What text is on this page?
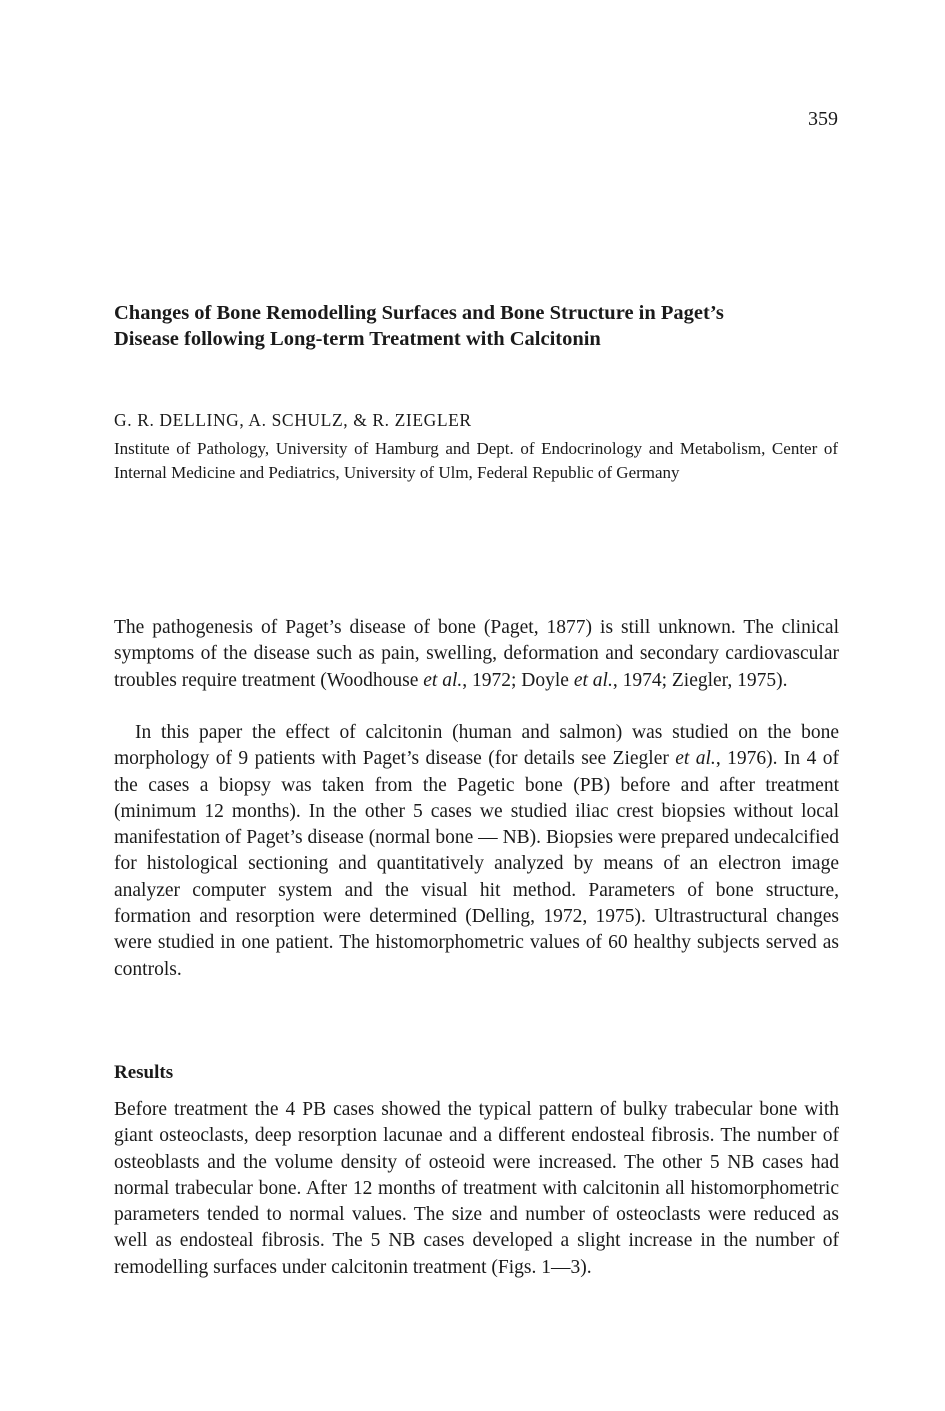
359
Changes of Bone Remodelling Surfaces and Bone Structure in Paget’s
Disease following Long-term Treatment with Calcitonin
G. R. DELLING, A. SCHULZ, & R. ZIEGLER
Institute of Pathology, University of Hamburg and Dept. of Endocrinology and Metabolism, Center of Internal Medicine and Pediatrics, University of Ulm, Federal Republic of Germany

The pathogenesis of Paget’s disease of bone (Paget, 1877) is still unknown. The clinical symptoms of the disease such as pain, swelling, deformation and secondary cardiovascular troubles require treatment (Woodhouse et al., 1972; Doyle et al., 1974; Ziegler, 1975).

In this paper the effect of calcitonin (human and salmon) was studied on the bone morphology of 9 patients with Paget’s disease (for details see Ziegler et al., 1976). In 4 of the cases a biopsy was taken from the Pagetic bone (PB) before and after treatment (minimum 12 months). In the other 5 cases we studied iliac crest biopsies without local manifestation of Paget’s disease (normal bone — NB). Biopsies were prepared undecalcified for histological sectioning and quantitatively analyzed by means of an electron image analyzer computer system and the visual hit method. Parameters of bone structure, formation and resorption were determined (Delling, 1972, 1975). Ultrastructural changes were studied in one patient. The histomorphometric values of 60 healthy subjects served as controls.

Results

Before treatment the 4 PB cases showed the typical pattern of bulky trabecular bone with giant osteoclasts, deep resorption lacunae and a different endosteal fibrosis. The number of osteoblasts and the volume density of osteoid were increased. The other 5 NB cases had normal trabecular bone. After 12 months of treatment with calcitonin all histomorphometric parameters tended to normal values. The size and number of osteoclasts were reduced as well as endosteal fibrosis. The 5 NB cases developed a slight increase in the number of remodelling surfaces under calcitonin treatment (Figs. 1—3).
